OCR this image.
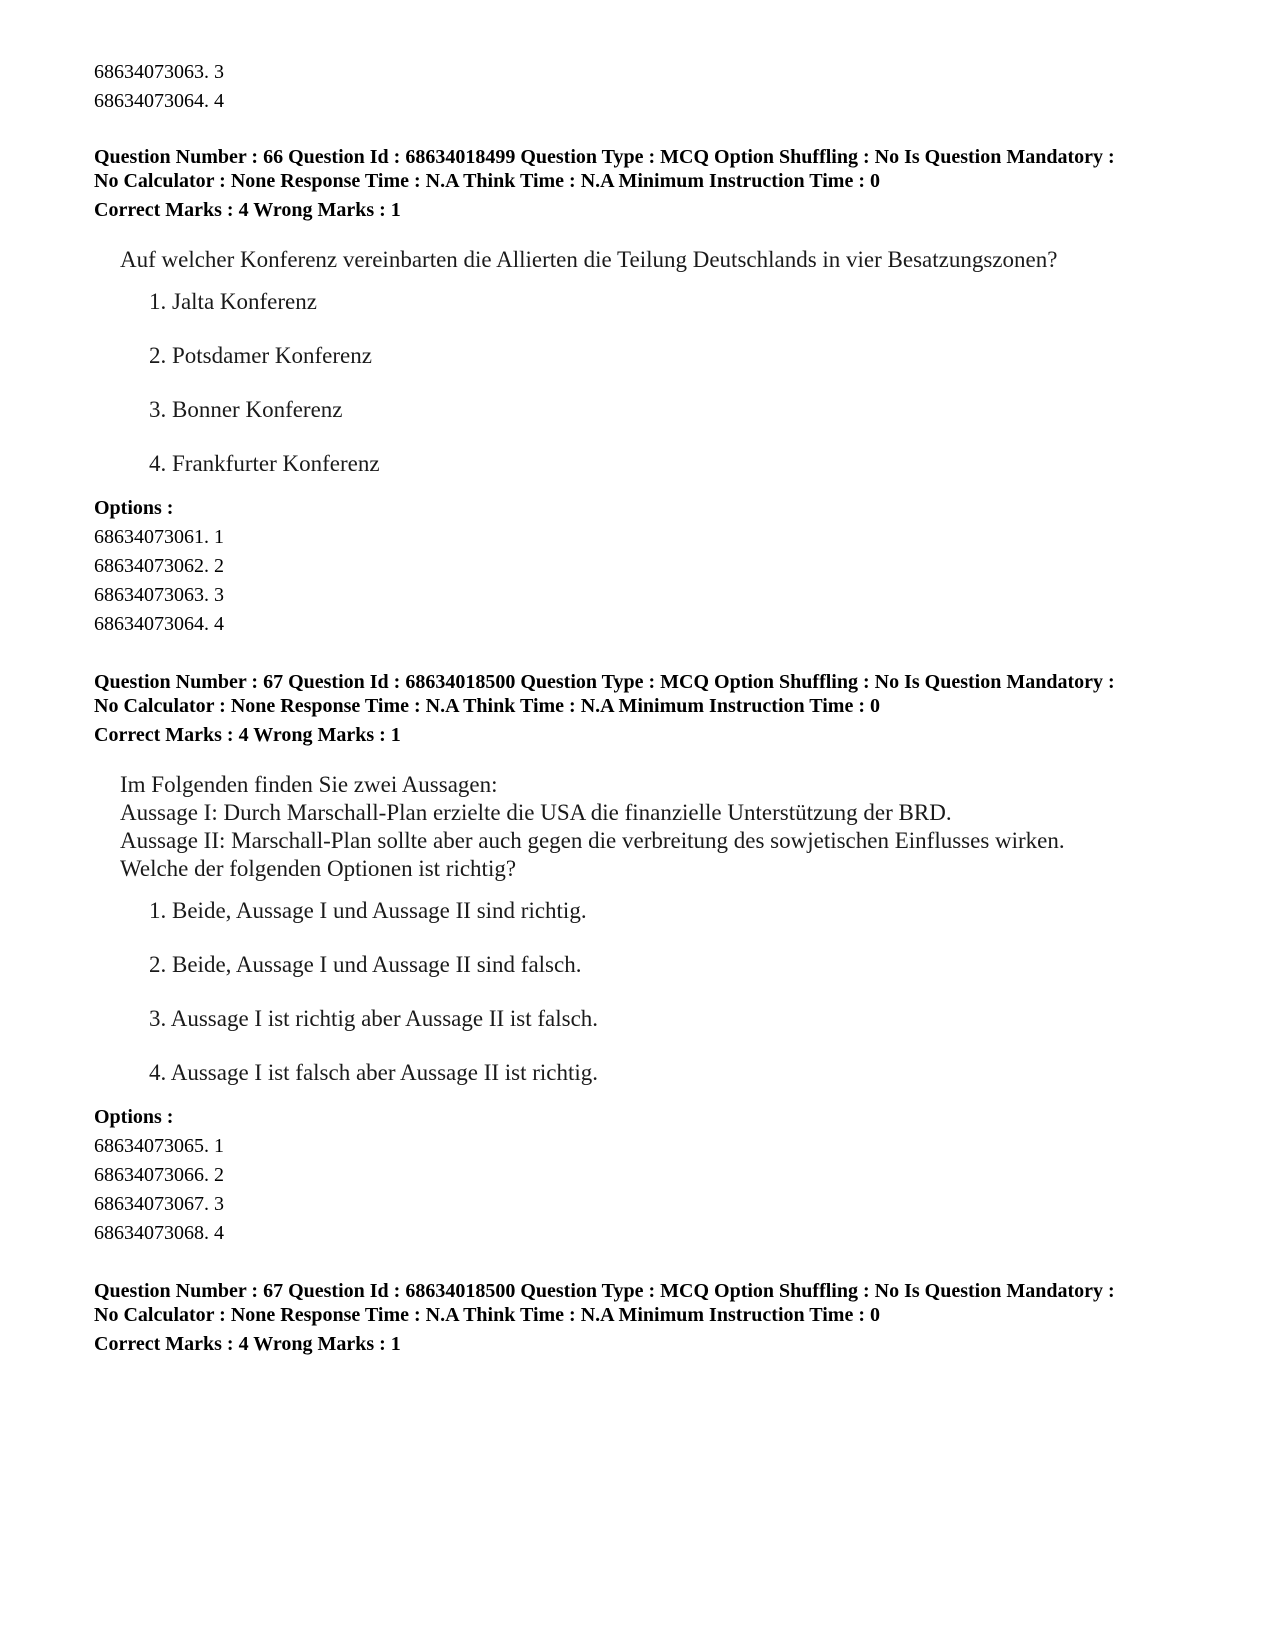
68634073063. 3
68634073064. 4
Question Number : 66 Question Id : 68634018499 Question Type : MCQ Option Shuffling : No Is Question Mandatory :
No Calculator : None Response Time : N.A Think Time : N.A Minimum Instruction Time : 0
Correct Marks : 4 Wrong Marks : 1
Auf welcher Konferenz vereinbarten die Allierten die Teilung Deutschlands in vier Besatzungszonen?
1. Jalta Konferenz
2. Potsdamer Konferenz
3. Bonner Konferenz
4. Frankfurter Konferenz
Options :
68634073061. 1
68634073062. 2
68634073063. 3
68634073064. 4
Question Number : 67 Question Id : 68634018500 Question Type : MCQ Option Shuffling : No Is Question Mandatory :
No Calculator : None Response Time : N.A Think Time : N.A Minimum Instruction Time : 0
Correct Marks : 4 Wrong Marks : 1
Im Folgenden finden Sie zwei Aussagen:
Aussage I: Durch Marschall-Plan erzielte die USA die finanzielle Unterstützung der BRD.
Aussage II: Marschall-Plan sollte aber auch gegen die verbreitung des sowjetischen Einflusses wirken.
Welche der folgenden Optionen ist richtig?
1. Beide, Aussage I und Aussage II sind richtig.
2. Beide, Aussage I und Aussage II sind falsch.
3. Aussage I ist richtig aber Aussage II ist falsch.
4. Aussage I ist falsch aber Aussage II ist richtig.
Options :
68634073065. 1
68634073066. 2
68634073067. 3
68634073068. 4
Question Number : 67 Question Id : 68634018500 Question Type : MCQ Option Shuffling : No Is Question Mandatory :
No Calculator : None Response Time : N.A Think Time : N.A Minimum Instruction Time : 0
Correct Marks : 4 Wrong Marks : 1
